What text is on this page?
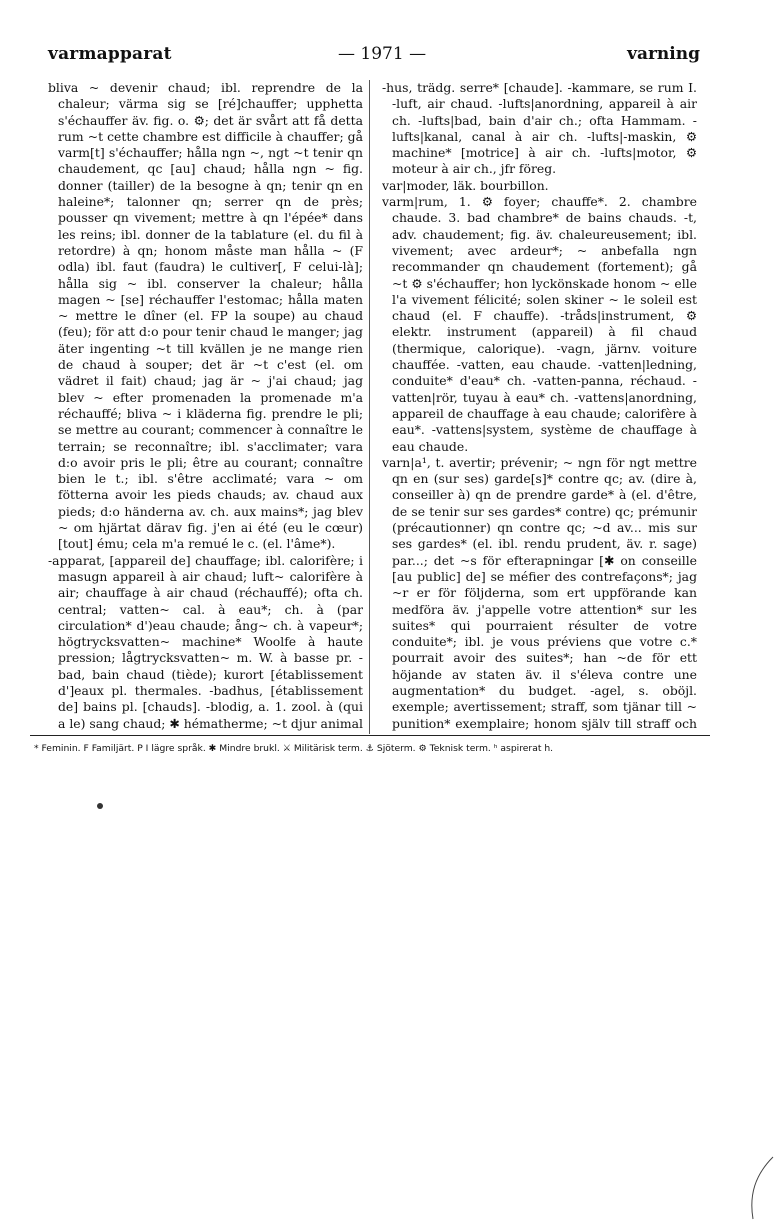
varmapparat	— 1971 —	varning

bliva ~ devenir chaud; ibl. reprendre de la chaleur; värma sig se [ré]chauffer; upphetta s'échauffer äv. fig. o. ⚙; det är svårt att få detta rum ~t cette chambre est difficile à chauffer; gå varm[t] s'échauffer; hålla ngn ~, ngt ~t tenir qn chaudement, qc [au] chaud; hålla ngn ~ fig. donner (tailler) de la besogne à qn; tenir qn en haleine*; talonner qn; serrer qn de près; pousser qn vivement; mettre à qn l'épée* dans les reins; ibl. donner de la tablature (el. du fil à retordre) à qn; honom måste man hålla ~ (F odla) ibl. faut (faudra) le cultiver[, F celui-là]; hålla sig ~ ibl. conserver la chaleur; hålla magen ~ [se] réchauffer l'estomac; hålla maten ~ mettre le dîner (el. FP la soupe) au chaud (feu); för att d:o pour tenir chaud le manger; jag äter ingenting ~t till kvällen je ne mange rien de chaud à souper; det är ~t c'est (el. om vädret il fait) chaud; jag är ~ j'ai chaud; jag blev ~ efter promenaden la promenade m'a réchauffé; bliva ~ i kläderna fig. prendre le pli; se mettre au courant; commencer à connaître le terrain; se reconnaître; ibl. s'acclimater; vara d:o avoir pris le pli; être au courant; connaître bien le t.; ibl. s'être acclimaté; vara ~ om fötterna avoir les pieds chauds; av. chaud aux pieds; d:o händerna av. ch. aux mains*; jag blev ~ om hjärtat därav fig. j'en ai été (eu le cœur) [tout] ému; cela m'a remué le c. (el. l'âme*).

-apparat, [appareil de] chauffage; ibl. calorifère; i masugn appareil à air chaud; luft~ calorifère à air; chauffage à air chaud (réchauffé); ofta ch. central; vatten~ cal. à eau*; ch. à (par circulation* d')eau chaude; ång~ ch. à vapeur*; högtrycksvatten~ machine* Woolfe à haute pression; lågtrycksvatten~ m. W. à basse pr. -bad, bain chaud (tiède); kurort [établissement d']eaux pl. thermales. -badhus, [établissement de] bains pl. [chauds]. -blodig, a. 1. zool. à (qui a le) sang chaud; ✱ hématherme; ~t djur animal

-hus, trädg. serre* [chaude]. -kammare, se rum I. -luft, air chaud. -lufts|anordning, appareil à air ch. -lufts|bad, bain d'air ch.; ofta Hammam. -lufts|kanal, canal à air ch. -lufts|-maskin, ⚙ machine* [motrice] à air ch. -lufts|motor, ⚙ moteur à air ch., jfr föreg.

var|moder, läk. bourbillon.

varm|rum, 1. ⚙ foyer; chauffe*. 2. chambre chaude. 3. bad chambre* de bains chauds. -t, adv. chaudement; fig. äv. chaleureusement; ibl. vivement; avec ardeur*; ~ anbefalla ngn recommander qn chaudement (fortement); gå ~t ⚙ s'échauffer; hon lyckönskade honom ~ elle l'a vivement félicité; solen skiner ~ le soleil est chaud (el. F chauffe). -tråds|instrument, ⚙ elektr. instrument (appareil) à fil chaud (thermique, calorique). -vagn, järnv. voiture chauffée. -vatten, eau chaude. -vatten|ledning, conduite* d'eau* ch. -vatten-panna, réchaud. -vatten|rör, tuyau à eau* ch. -vattens|anordning, appareil de chauffage à eau chaude; calorifère à eau*. -vattens|system, système de chauffage à eau chaude.

varn|a¹, t. avertir; prévenir; ~ ngn för ngt mettre qn en (sur ses) garde[s]* contre qc; av. (dire à, conseiller à) qn de prendre garde* à (el. d'être, de se tenir sur ses gardes* contre) qc; prémunir (précautionner) qn contre qc; ~d av... mis sur ses gardes* (el. ibl. rendu prudent, äv. r. sage) par...; det ~s för efterapningar [✱ on conseille [au public] de] se méfier des contrefaçons*; jag ~r er för följderna, som ert uppförande kan medföra äv. j'appelle votre attention* sur les suites* qui pourraient résulter de votre conduite*; ibl. je vous préviens que votre c.* pourrait avoir des suites*; han ~de för ett höjande av staten äv. il s'éleva contre une augmentation* du budget. -agel, s. oböjl. exemple; avertissement; straff, som tjänar till ~ punition* exemplaire; honom själv till straff och

* Feminin. F Familjärt. P I lägre språk. ✱ Mindre brukl. ⚔ Militärisk term. ⚓ Sjöterm. ⚙ Teknisk term. ʰ aspirerat h.
